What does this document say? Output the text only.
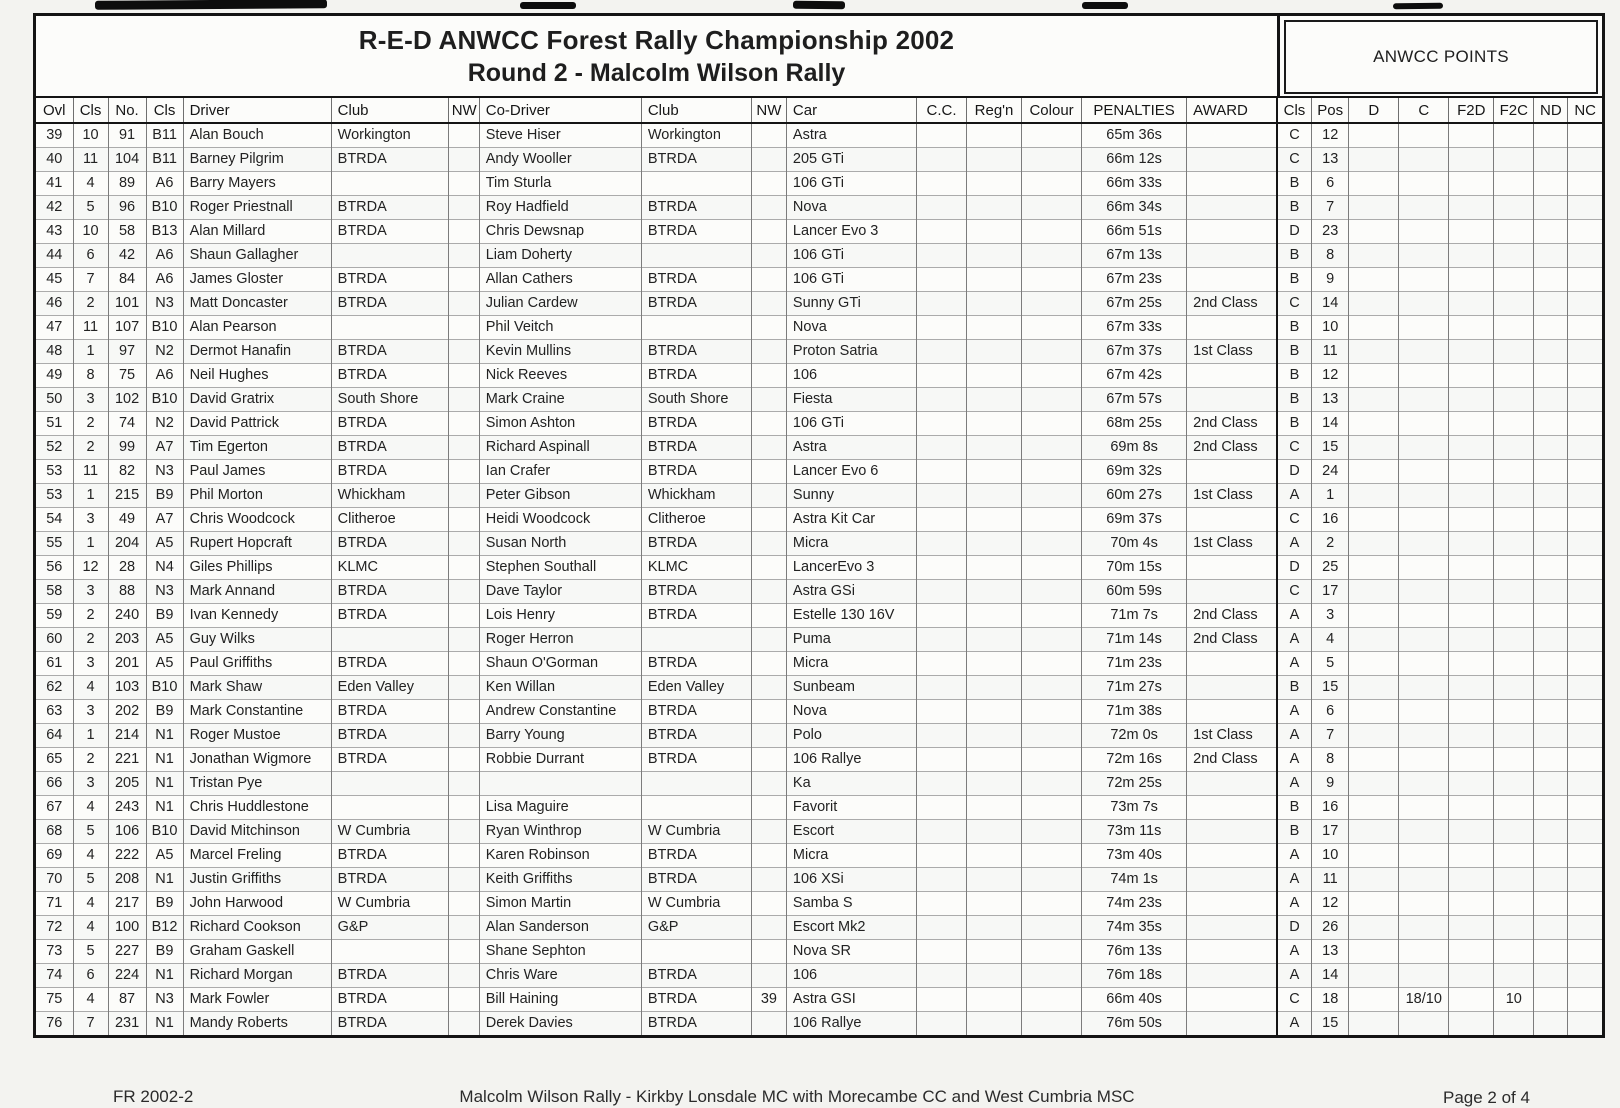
R-E-D ANWCC Forest Rally Championship 2002
Round 2 - Malcolm Wilson Rally
ANWCC POINTS
Ovl	Cls	No.	Cls	Driver	Club	NW	Co-Driver	Club	NW	Car	C.C.	Reg'n	Colour	PENALTIES	AWARD	Cls	Pos	D	C	F2D	F2C	ND	NC
39	10	91	B11	Alan Bouch	Workington		Steve Hiser	Workington		Astra				65m 36s		C	12						
40	11	104	B11	Barney Pilgrim	BTRDA		Andy Wooller	BTRDA		205 GTi				66m 12s		C	13						
41	4	89	A6	Barry Mayers			Tim Sturla			106 GTi				66m 33s		B	6						
42	5	96	B10	Roger Priestnall	BTRDA		Roy Hadfield	BTRDA		Nova				66m 34s		B	7						
43	10	58	B13	Alan Millard	BTRDA		Chris Dewsnap	BTRDA		Lancer Evo 3				66m 51s		D	23						
44	6	42	A6	Shaun Gallagher			Liam Doherty			106 GTi				67m 13s		B	8						
45	7	84	A6	James Gloster	BTRDA		Allan Cathers	BTRDA		106 GTi				67m 23s		B	9						
46	2	101	N3	Matt Doncaster	BTRDA		Julian Cardew	BTRDA		Sunny GTi				67m 25s	2nd Class	C	14						
47	11	107	B10	Alan Pearson			Phil Veitch			Nova				67m 33s		B	10						
48	1	97	N2	Dermot Hanafin	BTRDA		Kevin Mullins	BTRDA		Proton Satria				67m 37s	1st Class	B	11						
49	8	75	A6	Neil Hughes	BTRDA		Nick Reeves	BTRDA		106				67m 42s		B	12						
50	3	102	B10	David Gratrix	South Shore		Mark Craine	South Shore		Fiesta				67m 57s		B	13						
51	2	74	N2	David Pattrick	BTRDA		Simon Ashton	BTRDA		106 GTi				68m 25s	2nd Class	B	14						
52	2	99	A7	Tim Egerton	BTRDA		Richard Aspinall	BTRDA		Astra				69m 8s	2nd Class	C	15						
53	11	82	N3	Paul James	BTRDA		Ian Crafer	BTRDA		Lancer Evo 6				69m 32s		D	24						
53	1	215	B9	Phil Morton	Whickham		Peter Gibson	Whickham		Sunny				60m 27s	1st Class	A	1						
54	3	49	A7	Chris Woodcock	Clitheroe		Heidi Woodcock	Clitheroe		Astra Kit Car				69m 37s		C	16						
55	1	204	A5	Rupert Hopcraft	BTRDA		Susan North	BTRDA		Micra				70m 4s	1st Class	A	2						
56	12	28	N4	Giles Phillips	KLMC		Stephen Southall	KLMC		LancerEvo 3				70m 15s		D	25						
58	3	88	N3	Mark Annand	BTRDA		Dave Taylor	BTRDA		Astra GSi				60m 59s		C	17						
59	2	240	B9	Ivan Kennedy	BTRDA		Lois Henry	BTRDA		Estelle 130 16V				71m 7s	2nd Class	A	3						
60	2	203	A5	Guy Wilks			Roger Herron			Puma				71m 14s	2nd Class	A	4						
61	3	201	A5	Paul Griffiths	BTRDA		Shaun O'Gorman	BTRDA		Micra				71m 23s		A	5						
62	4	103	B10	Mark Shaw	Eden Valley		Ken Willan	Eden Valley		Sunbeam				71m 27s		B	15						
63	3	202	B9	Mark Constantine	BTRDA		Andrew Constantine	BTRDA		Nova				71m 38s		A	6						
64	1	214	N1	Roger Mustoe	BTRDA		Barry Young	BTRDA		Polo				72m 0s	1st Class	A	7						
65	2	221	N1	Jonathan Wigmore	BTRDA		Robbie Durrant	BTRDA		106 Rallye				72m 16s	2nd Class	A	8						
66	3	205	N1	Tristan Pye						Ka				72m 25s		A	9						
67	4	243	N1	Chris Huddlestone			Lisa Maguire			Favorit				73m 7s		B	16						
68	5	106	B10	David Mitchinson	W Cumbria		Ryan Winthrop	W Cumbria		Escort				73m 11s		B	17						
69	4	222	A5	Marcel Freling	BTRDA		Karen Robinson	BTRDA		Micra				73m 40s		A	10						
70	5	208	N1	Justin Griffiths	BTRDA		Keith Griffiths	BTRDA		106 XSi				74m 1s		A	11						
71	4	217	B9	John Harwood	W Cumbria		Simon Martin	W Cumbria		Samba S				74m 23s		A	12						
72	4	100	B12	Richard Cookson	G&P		Alan Sanderson	G&P		Escort Mk2				74m 35s		D	26						
73	5	227	B9	Graham Gaskell			Shane Sephton			Nova SR				76m 13s		A	13						
74	6	224	N1	Richard Morgan	BTRDA		Chris Ware	BTRDA		106				76m 18s		A	14						
75	4	87	N3	Mark Fowler	BTRDA		Bill Haining	BTRDA	39	Astra GSI				66m 40s		C	18		18/10		10		
76	7	231	N1	Mandy Roberts	BTRDA		Derek Davies	BTRDA		106 Rallye				76m 50s		A	15						
FR 2002-2	Malcolm Wilson Rally - Kirkby Lonsdale MC with Morecambe CC and West Cumbria MSC	Page 2 of 4
